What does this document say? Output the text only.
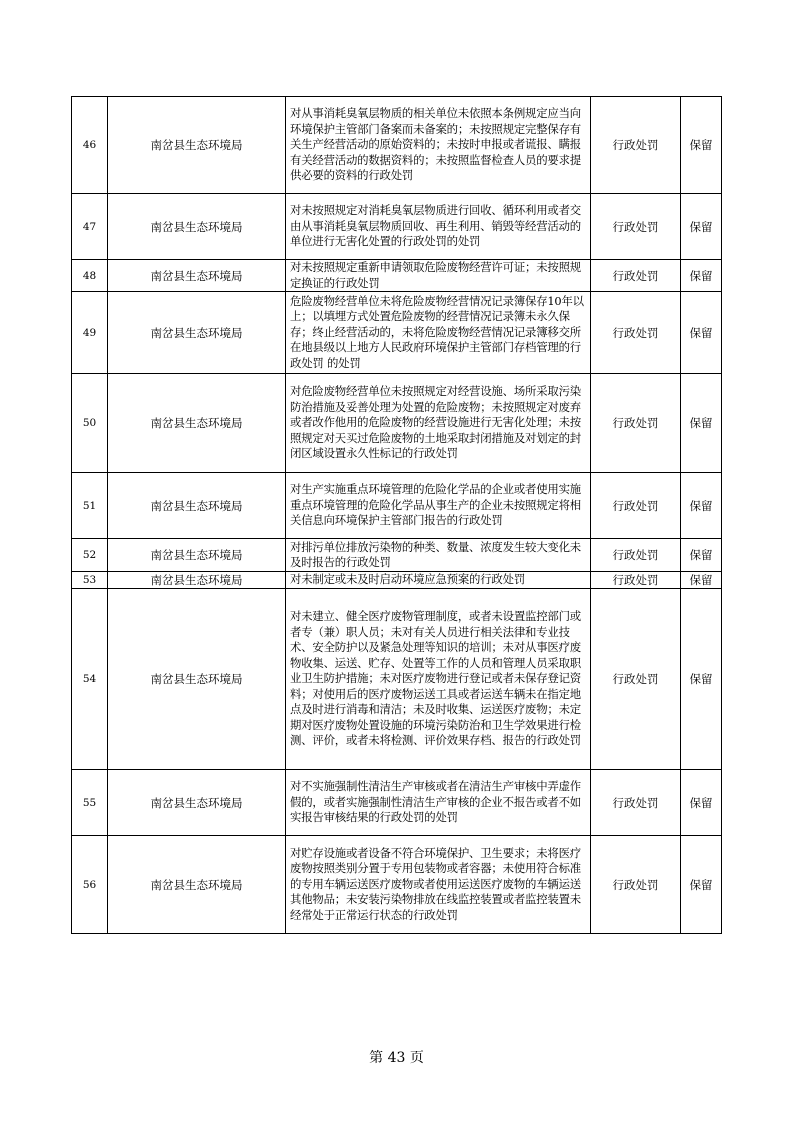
46	南岔县生态环境局	对从事消耗臭氧层物质的相关单位未依照本条例规定应当向环境保护主管部门备案而未备案的；未按照规定完整保存有关生产经营活动的原始资料的；未按时申报或者谎报、瞒报有关经营活动的数据资料的；未按照监督检查人员的要求提供必要的资料的行政处罚	行政处罚	保留
47	南岔县生态环境局	对未按照规定对消耗臭氧层物质进行回收、循环利用或者交由从事消耗臭氧层物质回收、再生利用、销毁等经营活动的单位进行无害化处置的行政处罚的处罚	行政处罚	保留
48	南岔县生态环境局	对未按照规定重新申请领取危险废物经营许可证；未按照规定换证的行政处罚	行政处罚	保留
49	南岔县生态环境局	危险废物经营单位未将危险废物经营情况记录簿保存10年以上；以填埋方式处置危险废物的经营情况记录簿未永久保存；终止经营活动的，未将危险废物经营情况记录簿移交所在地县级以上地方人民政府环境保护主管部门存档管理的行政处罚 的处罚	行政处罚	保留
50	南岔县生态环境局	对危险废物经营单位未按照规定对经营设施、场所采取污染防治措施及妥善处理为处置的危险废物；未按照规定对废弃或者改作他用的危险废物的经营设施进行无害化处理；未按照规定对天买过危险废物的土地采取封闭措施及对划定的封闭区域设置永久性标记的行政处罚	行政处罚	保留
51	南岔县生态环境局	对生产实施重点环境管理的危险化学品的企业或者使用实施重点环境管理的危险化学品从事生产的企业未按照规定将相关信息向环境保护主管部门报告的行政处罚	行政处罚	保留
52	南岔县生态环境局	对排污单位排放污染物的种类、数量、浓度发生较大变化未及时报告的行政处罚	行政处罚	保留
53	南岔县生态环境局	对未制定或未及时启动环境应急预案的行政处罚	行政处罚	保留
54	南岔县生态环境局	对未建立、健全医疗废物管理制度，或者未设置监控部门或者专（兼）职人员；未对有关人员进行相关法律和专业技术、安全防护以及紧急处理等知识的培训；未对从事医疗废物收集、运送、贮存、处置等工作的人员和管理人员采取职业卫生防护措施；未对医疗废物进行登记或者未保存登记资料；对使用后的医疗废物运送工具或者运送车辆未在指定地点及时进行消毒和清洁；未及时收集、运送医疗废物；未定期对医疗废物处置设施的环境污染防治和卫生学效果进行检测、评价，或者未将检测、评价效果存档、报告的行政处罚	行政处罚	保留
55	南岔县生态环境局	对不实施强制性清洁生产审核或者在清洁生产审核中弄虚作假的，或者实施强制性清洁生产审核的企业不报告或者不如实报告审核结果的行政处罚的处罚	行政处罚	保留
56	南岔县生态环境局	对贮存设施或者设备不符合环境保护、卫生要求；未将医疗废物按照类别分置于专用包装物或者容器；未使用符合标准的专用车辆运送医疗废物或者使用运送医疗废物的车辆运送其他物品；未安装污染物排放在线监控装置或者监控装置未经常处于正常运行状态的行政处罚	行政处罚	保留
第 43 页
